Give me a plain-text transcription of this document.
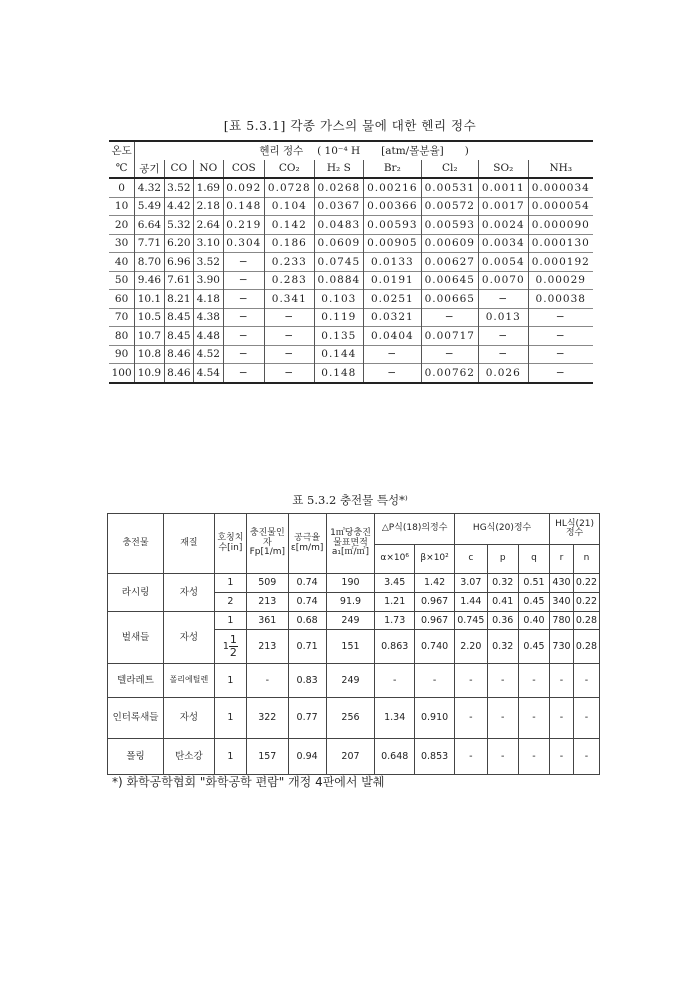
[표 5.3.1] 각종 가스의 물에 대한 헨리 정수
온도	헨리 정수　 ( 10⁻⁴ H　　[atm/몰분율]　　)									
℃	공기	CO	NO	COS	CO₂	H₂ S	Br₂	Cl₂	SO₂	NH₃
0	4.32	3.52	1.69	0.092	0.0728	0.0268	0.00216	0.00531	0.0011	0.000034
10	5.49	4.42	2.18	0.148	0.104	0.0367	0.00366	0.00572	0.0017	0.000054
20	6.64	5.32	2.64	0.219	0.142	0.0483	0.00593	0.00593	0.0024	0.000090
30	7.71	6.20	3.10	0.304	0.186	0.0609	0.00905	0.00609	0.0034	0.000130
40	8.70	6.96	3.52	−	0.233	0.0745	0.0133	0.00627	0.0054	0.000192
50	9.46	7.61	3.90	−	0.283	0.0884	0.0191	0.00645	0.0070	0.00029
60	10.1	8.21	4.18	−	0.341	0.103	0.0251	0.00665	−	0.00038
70	10.5	8.45	4.38	−	−	0.119	0.0321	−	0.013	−
80	10.7	8.45	4.48	−	−	0.135	0.0404	0.00717	−	−
90	10.8	8.46	4.52	−	−	0.144	−	−	−	−
100	10.9	8.46	4.54	−	−	0.148	−	0.00762	0.026	−
표 5.3.2 충전물 특성*⁾
충전물	재질	호칭치수[in]	충진물인자Fp[1/m]	공극율ε[m/m]	1㎥당충진물표면적a₁[㎡/㎥]	△P식(18)의정수		HG식(20)정수			HL식(21)정수	
						α×10⁶	β×10²	c	p	q	r	n
라시링	자성	1	509	0.74	190	3.45	1.42	3.07	0.32	0.51	430	0.22
		2	213	0.74	91.9	1.21	0.967	1.44	0.41	0.45	340	0.22
벌새들	자성	1	361	0.68	249	1.73	0.967	0.745	0.36	0.40	780	0.28
		$1 \frac{1}{2}$	213	0.71	151	0.863	0.740	2.20	0.32	0.45	730	0.28
텔라레트	폴리에틸렌	1	-	0.83	249	-	-	-	-	-	-	-
인터록새들	자성	1	322	0.77	256	1.34	0.910	-	-	-	-	-
폴링	탄소강	1	157	0.94	207	0.648	0.853	-	-	-	-	-
*) 화학공학협회 "화학공학 편람" 개정 4판에서 발췌
